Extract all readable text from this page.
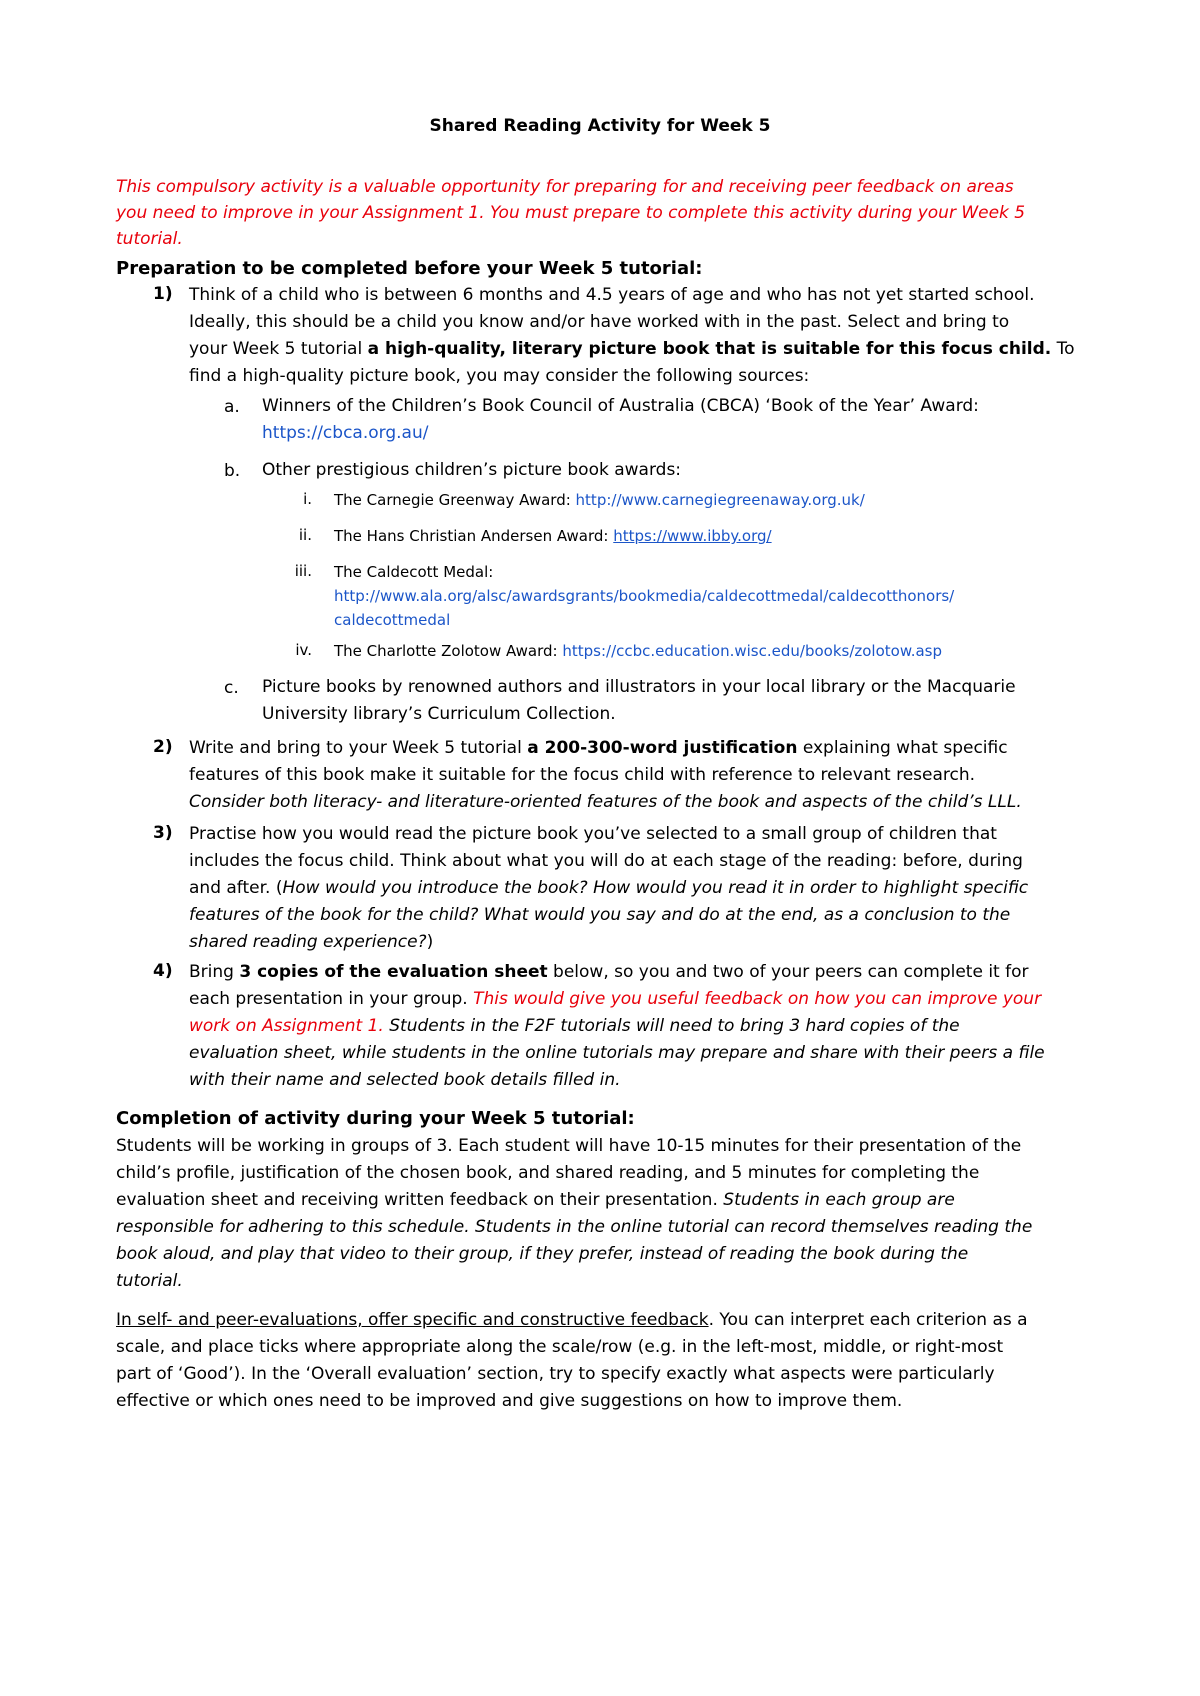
Shared Reading Activity for Week 5
This compulsory activity is a valuable opportunity for preparing for and receiving peer feedback on areas
you need to improve in your Assignment 1. You must prepare to complete this activity during your Week 5
tutorial.
Preparation to be completed before your Week 5 tutorial:
1) Think of a child who is between 6 months and 4.5 years of age and who has not yet started school.
Ideally, this should be a child you know and/or have worked with in the past. Select and bring to
your Week 5 tutorial a high-quality, literary picture book that is suitable for this focus child. To
find a high-quality picture book, you may consider the following sources:
a. Winners of the Children’s Book Council of Australia (CBCA) ‘Book of the Year’ Award:
https://cbca.org.au/
b. Other prestigious children’s picture book awards:
i. The Carnegie Greenway Award: http://www.carnegiegreenaway.org.uk/
ii. The Hans Christian Andersen Award: https://www.ibby.org/
iii. The Caldecott Medal:
http://www.ala.org/alsc/awardsgrants/bookmedia/caldecottmedal/caldecotthonors/
caldecottmedal
iv. The Charlotte Zolotow Award: https://ccbc.education.wisc.edu/books/zolotow.asp
c. Picture books by renowned authors and illustrators in your local library or the Macquarie
University library’s Curriculum Collection.
2) Write and bring to your Week 5 tutorial a 200-300-word justification explaining what specific
features of this book make it suitable for the focus child with reference to relevant research.
Consider both literacy- and literature-oriented features of the book and aspects of the child’s LLL.
3) Practise how you would read the picture book you’ve selected to a small group of children that
includes the focus child. Think about what you will do at each stage of the reading: before, during
and after. (How would you introduce the book? How would you read it in order to highlight specific
features of the book for the child? What would you say and do at the end, as a conclusion to the
shared reading experience?)
4) Bring 3 copies of the evaluation sheet below, so you and two of your peers can complete it for
each presentation in your group. This would give you useful feedback on how you can improve your
work on Assignment 1. Students in the F2F tutorials will need to bring 3 hard copies of the
evaluation sheet, while students in the online tutorials may prepare and share with their peers a file
with their name and selected book details filled in.
Completion of activity during your Week 5 tutorial:
Students will be working in groups of 3. Each student will have 10-15 minutes for their presentation of the
child’s profile, justification of the chosen book, and shared reading, and 5 minutes for completing the
evaluation sheet and receiving written feedback on their presentation. Students in each group are
responsible for adhering to this schedule. Students in the online tutorial can record themselves reading the
book aloud, and play that video to their group, if they prefer, instead of reading the book during the
tutorial.
In self- and peer-evaluations, offer specific and constructive feedback. You can interpret each criterion as a
scale, and place ticks where appropriate along the scale/row (e.g. in the left-most, middle, or right-most
part of ‘Good’). In the ‘Overall evaluation’ section, try to specify exactly what aspects were particularly
effective or which ones need to be improved and give suggestions on how to improve them.
